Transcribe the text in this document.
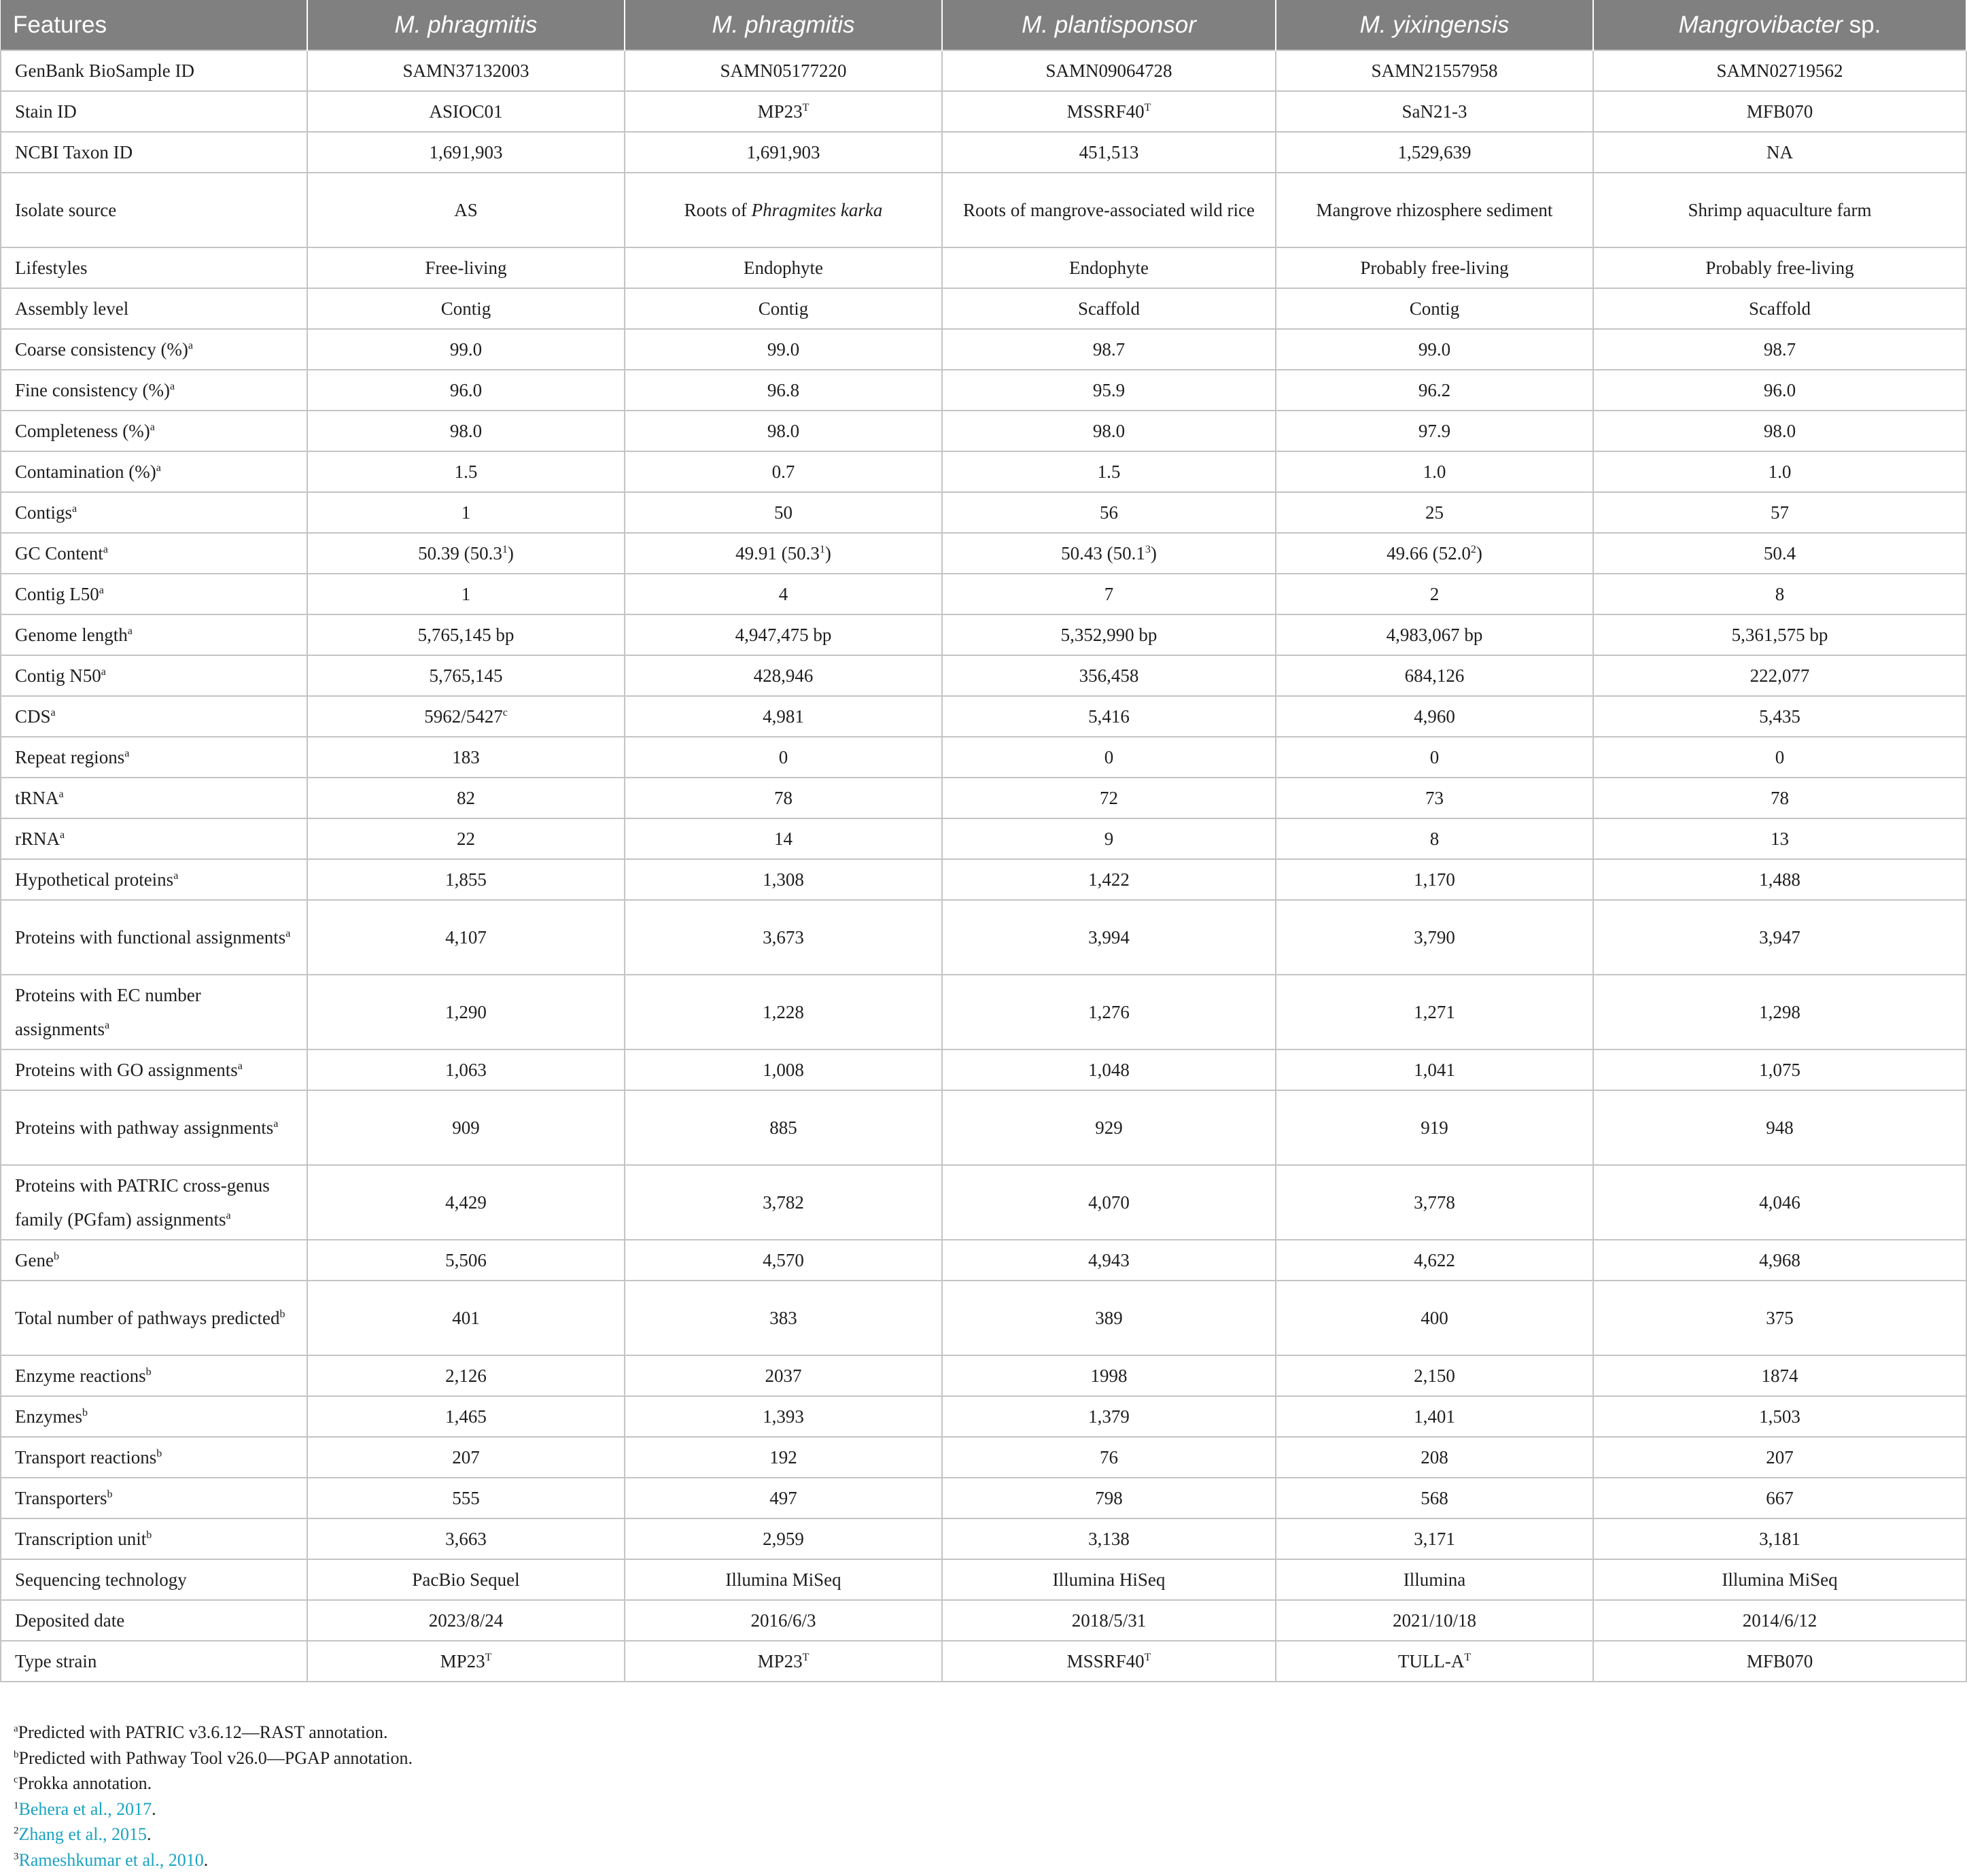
Features	M. phragmitis	M. phragmitis	M. plantisponsor	M. yixingensis	Mangrovibacter sp.
GenBank BioSample ID	SAMN37132003	SAMN05177220	SAMN09064728	SAMN21557958	SAMN02719562
Stain ID	ASIOC01	$MP23^T$	$MSSRF40^T$	SaN21-3	MFB070
NCBI Taxon ID	1,691,903	1,691,903	451,513	1,529,639	NA
Isolate source	AS	Roots of Phragmites karka	Roots of mangrove-associated wild rice	Mangrove rhizosphere sediment	Shrimp aquaculture farm
Lifestyles	Free-living	Endophyte	Endophyte	Probably free-living	Probably free-living
Assembly level	Contig	Contig	Scaffold	Contig	Scaffold
Coarse consistency (%)$^a$	99.0	99.0	98.7	99.0	98.7
Fine consistency (%)$^a$	96.0	96.8	95.9	96.2	96.0
Completeness (%)$^a$	98.0	98.0	98.0	97.9	98.0
Contamination (%)$^a$	1.5	0.7	1.5	1.0	1.0
Contigs$^a$	1	50	56	25	57
GC Content$^a$	50.39 (50.3$^1$)	49.91 (50.3$^1$)	50.43 (50.1$^3$)	49.66 (52.0$^2$)	50.4
Contig L50$^a$	1	4	7	2	8
Genome length$^a$	5,765,145 bp	4,947,475 bp	5,352,990 bp	4,983,067 bp	5,361,575 bp
Contig N50$^a$	5,765,145	428,946	356,458	684,126	222,077
CDS$^a$	5962/5427$^c$	4,981	5,416	4,960	5,435
Repeat regions$^a$	183	0	0	0	0
tRNA$^a$	82	78	72	73	78
rRNA$^a$	22	14	9	8	13
Hypothetical proteins$^a$	1,855	1,308	1,422	1,170	1,488
Proteins with functional assignments$^a$	4,107	3,673	3,994	3,790	3,947
Proteins with EC number assignments$^a$	1,290	1,228	1,276	1,271	1,298
Proteins with GO assignments$^a$	1,063	1,008	1,048	1,041	1,075
Proteins with pathway assignments$^a$	909	885	929	919	948
Proteins with PATRIC cross-genus family (PGfam) assignments$^a$	4,429	3,782	4,070	3,778	4,046
Gene$^b$	5,506	4,570	4,943	4,622	4,968
Total number of pathways predicted$^b$	401	383	389	400	375
Enzyme reactions$^b$	2,126	2037	1998	2,150	1874
Enzymes$^b$	1,465	1,393	1,379	1,401	1,503
Transport reactions$^b$	207	192	76	208	207
Transporters$^b$	555	497	798	568	667
Transcription unit$^b$	3,663	2,959	3,138	3,171	3,181
Sequencing technology	PacBio Sequel	Illumina MiSeq	Illumina HiSeq	Illumina	Illumina MiSeq
Deposited date	2023/8/24	2016/6/3	2018/5/31	2021/10/18	2014/6/12
Type strain	$MP23^T$	$MP23^T$	$MSSRF40^T$	TULL-$A^T$	MFB070
$^a$Predicted with PATRIC v3.6.12—RAST annotation.
$^b$Predicted with Pathway Tool v26.0—PGAP annotation.
$^c$Prokka annotation.
$^1$Behera et al., 2017.
$^2$Zhang et al., 2015.
$^3$Rameshkumar et al., 2010.
